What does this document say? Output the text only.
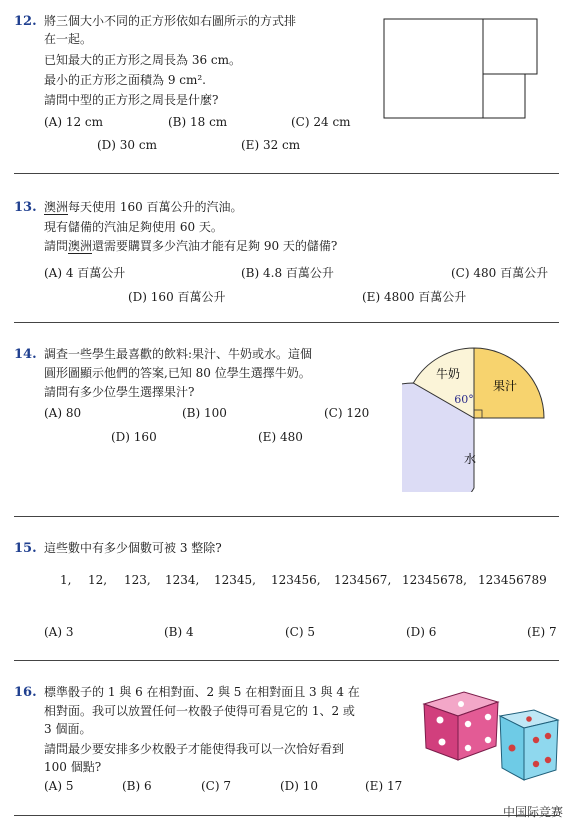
12. 將三個大小不同的正方形依如右圖所示的方式排
在一起。
已知最大的正方形之周長為 36 cm。
最小的正方形之面積為 9 cm².
請問中型的正方形之周長是什麼?
(A) 12 cm	(B) 18 cm	(C) 24 cm
(D) 30 cm	(E) 32 cm
13. 澳洲每天使用 160 百萬公升的汽油。
現有儲備的汽油足夠使用 60 天。
請問澳洲還需要購買多少汽油才能有足夠 90 天的儲備?
(A) 4 百萬公升	(B) 4.8 百萬公升	(C) 480 百萬公升
(D) 160 百萬公升	(E) 4800 百萬公升
14. 調查一些學生最喜歡的飲料:果汁、牛奶或水。這個
圓形圖顯示他們的答案,已知 80 位學生選擇牛奶。
請問有多少位學生選擇果汁?
(A) 80	(B) 100	(C) 120
(D) 160	(E) 480
果汁
牛奶
水
60°
15. 這些數中有多少個數可被 3 整除?
1, 12, 123, 1234, 12345, 123456, 1234567, 12345678, 123456789
(A) 3	(B) 4	(C) 5	(D) 6	(E) 7
16. 標準骰子的 1 與 6 在相對面、2 與 5 在相對面且 3 與 4 在
相對面。我可以放置任何一枚骰子使得可看見它的 1、2 或
3 個面。
請問最少要安排多少枚骰子才能使得我可以一次恰好看到
100 個點?
(A) 5	(B) 6	(C) 7	(D) 10	(E) 17
中国际竞赛
